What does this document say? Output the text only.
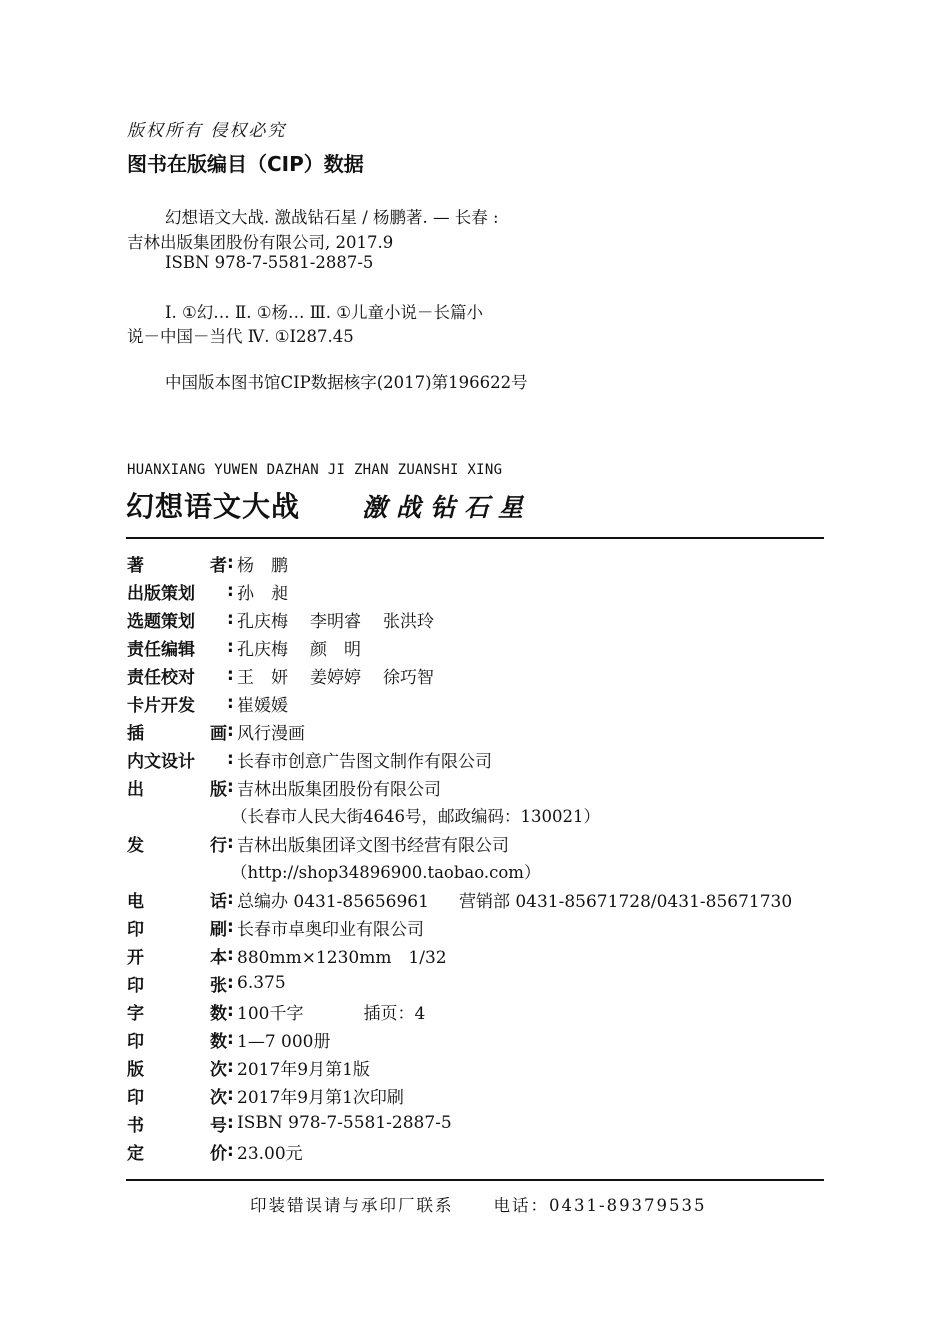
版权所有 侵权必究
图书在版编目（CIP）数据
幻想语文大战. 激战钻石星 / 杨鹏著. — 长春 :
吉林出版集团股份有限公司, 2017.9
ISBN 978-7-5581-2887-5
Ⅰ. ①幻… Ⅱ. ①杨… Ⅲ. ①儿童小说－长篇小
说－中国－当代 Ⅳ. ①I287.45
中国版本图书馆CIP数据核字(2017)第196622号
HUANXIANG YUWEN DAZHAN JI ZHAN ZUANSHI XING
幻想语文大战 激战钻石星
著	者 : 杨　鹏
出版策划	: 孙　昶
选题策划	: 孔庆梅 李明睿 张洪玲
责任编辑	: 孔庆梅 颜　明
责任校对	: 王　妍 姜婷婷 徐巧智
卡片开发	: 崔媛媛
插	画 : 风行漫画
内文设计	: 长春市创意广告图文制作有限公司
出	版 : 吉林出版集团股份有限公司
（长春市人民大街4646号，邮政编码：130021）
发	行 : 吉林出版集团译文图书经营有限公司
（http://shop34896900.taobao.com）
电	话 : 总编办 0431-85656961 营销部 0431-85671728/0431-85671730
印	刷 : 长春市卓奥印业有限公司
开	本 : 880mm×1230mm　1/32
印	张 : 6.375
字	数 : 100千字	插页：4
印	数 : 1—7 000册
版	次 : 2017年9月第1版
印	次 : 2017年9月第1次印刷
书	号 : ISBN 978-7-5581-2887-5
定	价 : 23.00元
印装错误请与承印厂联系 电话：0431-89379535
